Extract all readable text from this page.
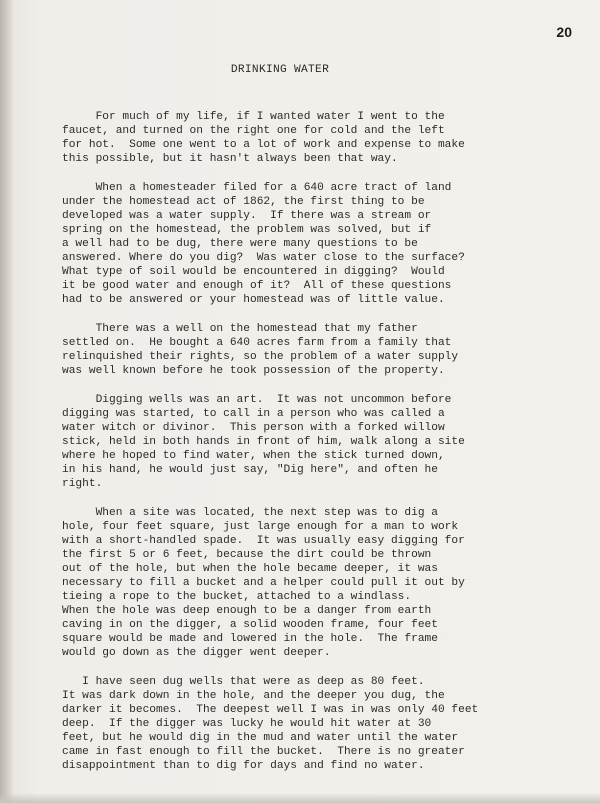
20
DRINKING WATER

For much of my life, if I wanted water I went to the
faucet, and turned on the right one for cold and the left
for hot.  Some one went to a lot of work and expense to make
this possible, but it hasn't always been that way.

When a homesteader filed for a 640 acre tract of land
under the homestead act of 1862, the first thing to be
developed was a water supply.  If there was a stream or
spring on the homestead, the problem was solved, but if
a well had to be dug, there were many questions to be
answered. Where do you dig?  Was water close to the surface?
What type of soil would be encountered in digging?  Would
it be good water and enough of it?  All of these questions
had to be answered or your homestead was of little value.

There was a well on the homestead that my father
settled on.  He bought a 640 acres farm from a family that
relinquished their rights, so the problem of a water supply
was well known before he took possession of the property.

Digging wells was an art.  It was not uncommon before
digging was started, to call in a person who was called a
water witch or divinor.  This person with a forked willow
stick, held in both hands in front of him, walk along a site
where he hoped to find water, when the stick turned down,
in his hand, he would just say, "Dig here", and often he
right.

When a site was located, the next step was to dig a
hole, four feet square, just large enough for a man to work
with a short-handled spade.  It was usually easy digging for
the first 5 or 6 feet, because the dirt could be thrown
out of the hole, but when the hole became deeper, it was
necessary to fill a bucket and a helper could pull it out by
tieing a rope to the bucket, attached to a windlass.
When the hole was deep enough to be a danger from earth
caving in on the digger, a solid wooden frame, four feet
square would be made and lowered in the hole.  The frame
would go down as the digger went deeper.

I have seen dug wells that were as deep as 80 feet.
It was dark down in the hole, and the deeper you dug, the
darker it becomes.  The deepest well I was in was only 40 feet
deep.  If the digger was lucky he would hit water at 30
feet, but he would dig in the mud and water until the water
came in fast enough to fill the bucket.  There is no greater
disappointment than to dig for days and find no water.
